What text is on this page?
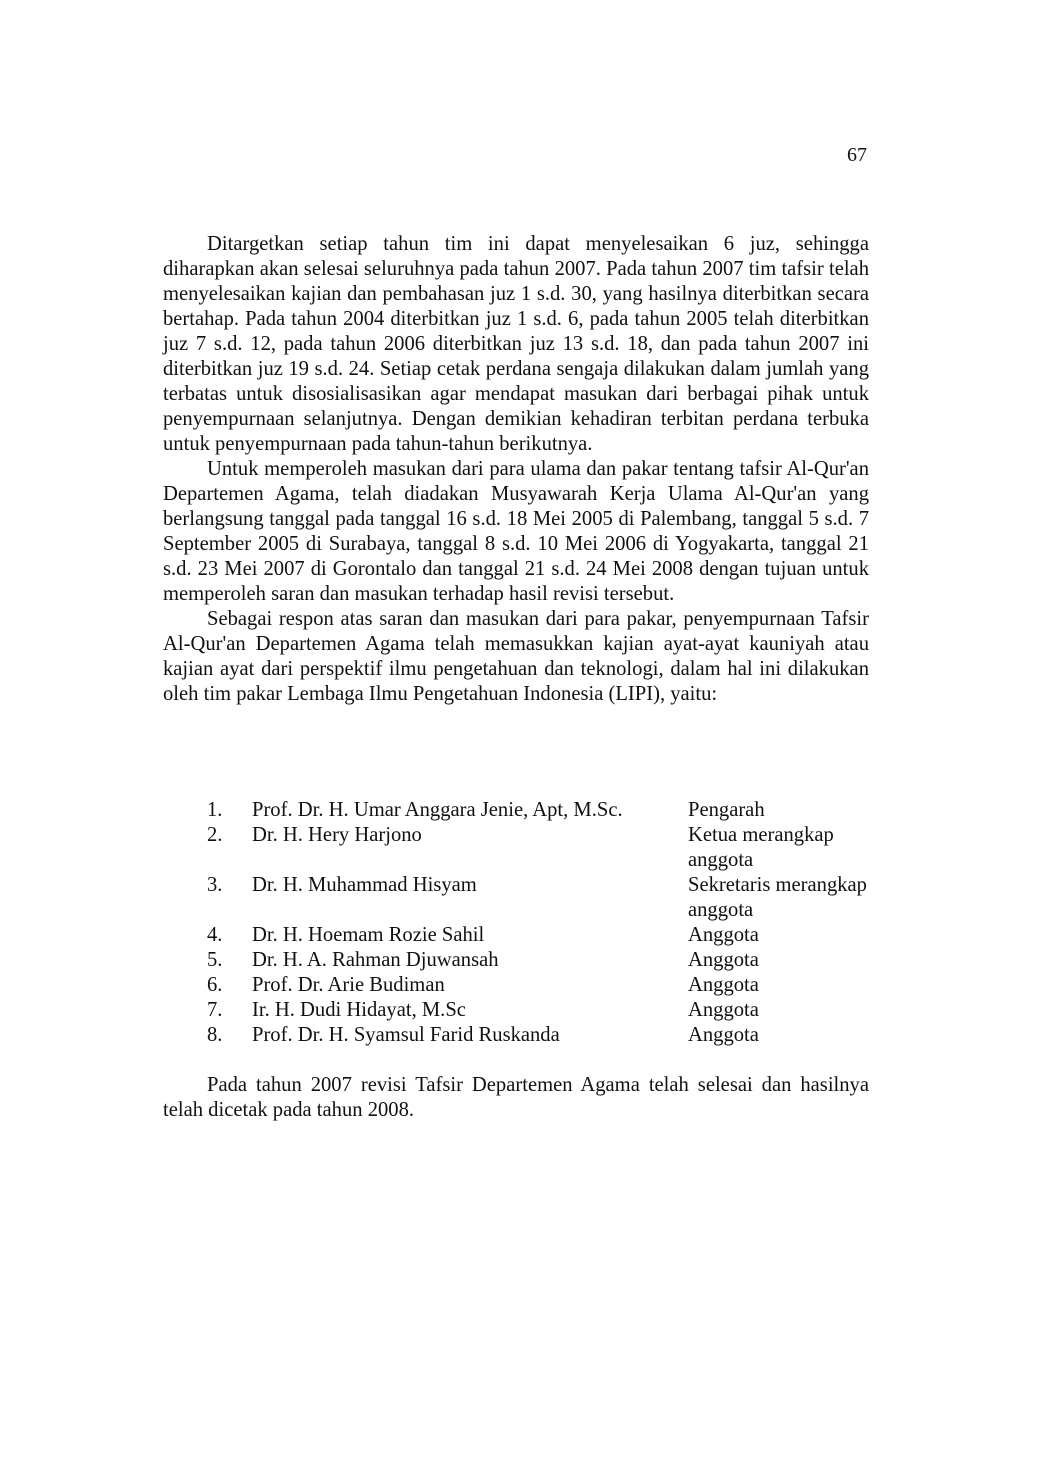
67

Ditargetkan setiap tahun tim ini dapat menyelesaikan 6 juz, sehingga diharapkan akan selesai seluruhnya pada tahun 2007. Pada tahun 2007 tim tafsir telah menyelesaikan kajian dan pembahasan juz 1 s.d. 30, yang hasilnya diterbitkan secara bertahap. Pada tahun 2004 diterbitkan juz 1 s.d. 6, pada tahun 2005 telah diterbitkan juz 7 s.d. 12, pada tahun 2006 diterbitkan juz 13 s.d. 18, dan pada tahun 2007 ini diterbitkan juz 19 s.d. 24. Setiap cetak perdana sengaja dilakukan dalam jumlah yang terbatas untuk disosialisasikan agar mendapat masukan dari berbagai pihak untuk penyempurnaan selanjutnya. Dengan demikian kehadiran terbitan perdana terbuka untuk penyempurnaan pada tahun-tahun berikutnya.

Untuk memperoleh masukan dari para ulama dan pakar tentang tafsir Al-Qur'an Departemen Agama, telah diadakan Musyawarah Kerja Ulama Al-Qur'an yang berlangsung tanggal pada tanggal 16 s.d. 18 Mei 2005 di Palembang, tanggal 5 s.d. 7 September 2005 di Surabaya, tanggal 8 s.d. 10 Mei 2006 di Yogyakarta, tanggal 21 s.d. 23 Mei 2007 di Gorontalo dan tanggal 21 s.d. 24 Mei 2008 dengan tujuan untuk memperoleh saran dan masukan terhadap hasil revisi tersebut.

Sebagai respon atas saran dan masukan dari para pakar, penyempurnaan Tafsir Al-Qur'an Departemen Agama telah memasukkan kajian ayat-ayat kauniyah atau kajian ayat dari perspektif ilmu pengetahuan dan teknologi, dalam hal ini dilakukan oleh tim pakar Lembaga Ilmu Pengetahuan Indonesia (LIPI), yaitu:

1.	Prof. Dr. H. Umar Anggara Jenie, Apt, M.Sc.	Pengarah
2.	Dr. H. Hery Harjono	Ketua merangkap anggota
3.	Dr. H. Muhammad Hisyam	Sekretaris merangkap anggota
4.	Dr. H. Hoemam Rozie Sahil	Anggota
5.	Dr. H. A. Rahman Djuwansah	Anggota
6.	Prof. Dr. Arie Budiman	Anggota
7.	Ir. H. Dudi Hidayat, M.Sc	Anggota
8.	Prof. Dr. H. Syamsul Farid Ruskanda	Anggota

Pada tahun 2007 revisi Tafsir Departemen Agama telah selesai dan hasilnya telah dicetak pada tahun 2008.
